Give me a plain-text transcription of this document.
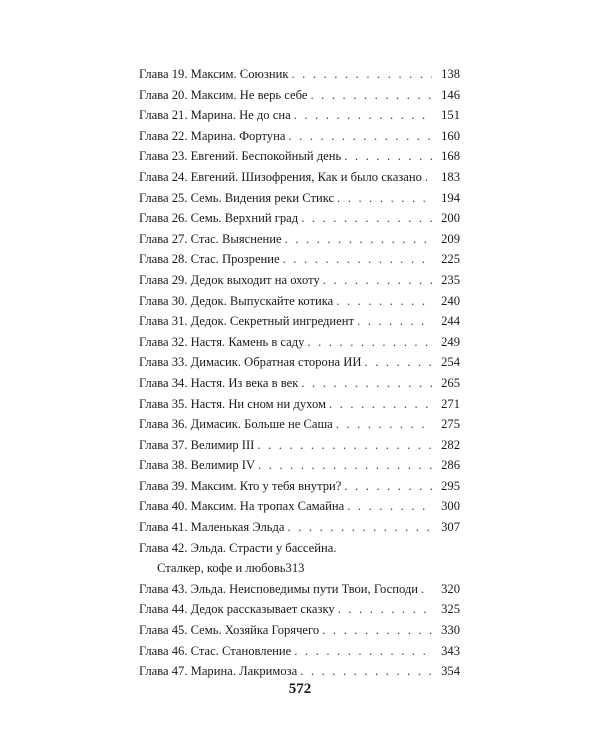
Глава 19. Максим. Союзник . . .	138
Глава 20. Максим. Не верь себе . . .	146
Глава 21. Марина. Не до сна . . .	151
Глава 22. Марина. Фортуна . . .	160
Глава 23. Евгений. Беспокойный день . . .	168
Глава 24. Евгений. Шизофрения, Как и было сказано . . .	183
Глава 25. Семь. Видения реки Стикс . . .	194
Глава 26. Семь. Верхний град . . .	200
Глава 27. Стас. Выяснение . . .	209
Глава 28. Стас. Прозрение . . .	225
Глава 29. Дедок выходит на охоту . . .	235
Глава 30. Дедок. Выпускайте котика . . .	240
Глава 31. Дедок. Секретный ингредиент . . .	244
Глава 32. Настя. Камень в саду . . .	249
Глава 33. Димасик. Обратная сторона ИИ . . .	254
Глава 34. Настя. Из века в век . . .	265
Глава 35. Настя. Ни сном ни духом . . .	271
Глава 36. Димасик. Больше не Саша . . .	275
Глава 37. Велимир III . . .	282
Глава 38. Велимир IV . . .	286
Глава 39. Максим. Кто у тебя внутри? . . .	295
Глава 40. Максим. На тропах Самайна . . .	300
Глава 41. Маленькая Эльда . . .	307
Глава 42. Эльда. Страсти у бассейна.
Сталкер, кофе и любовь 313
Глава 43. Эльда. Неисповедимы пути Твои, Господи . . .	320
Глава 44. Дедок рассказывает сказку . . .	325
Глава 45. Семь. Хозяйка Горячего . . .	330
Глава 46. Стас. Становление . . .	343
Глава 47. Марина. Лакримоза . . .	354
572
